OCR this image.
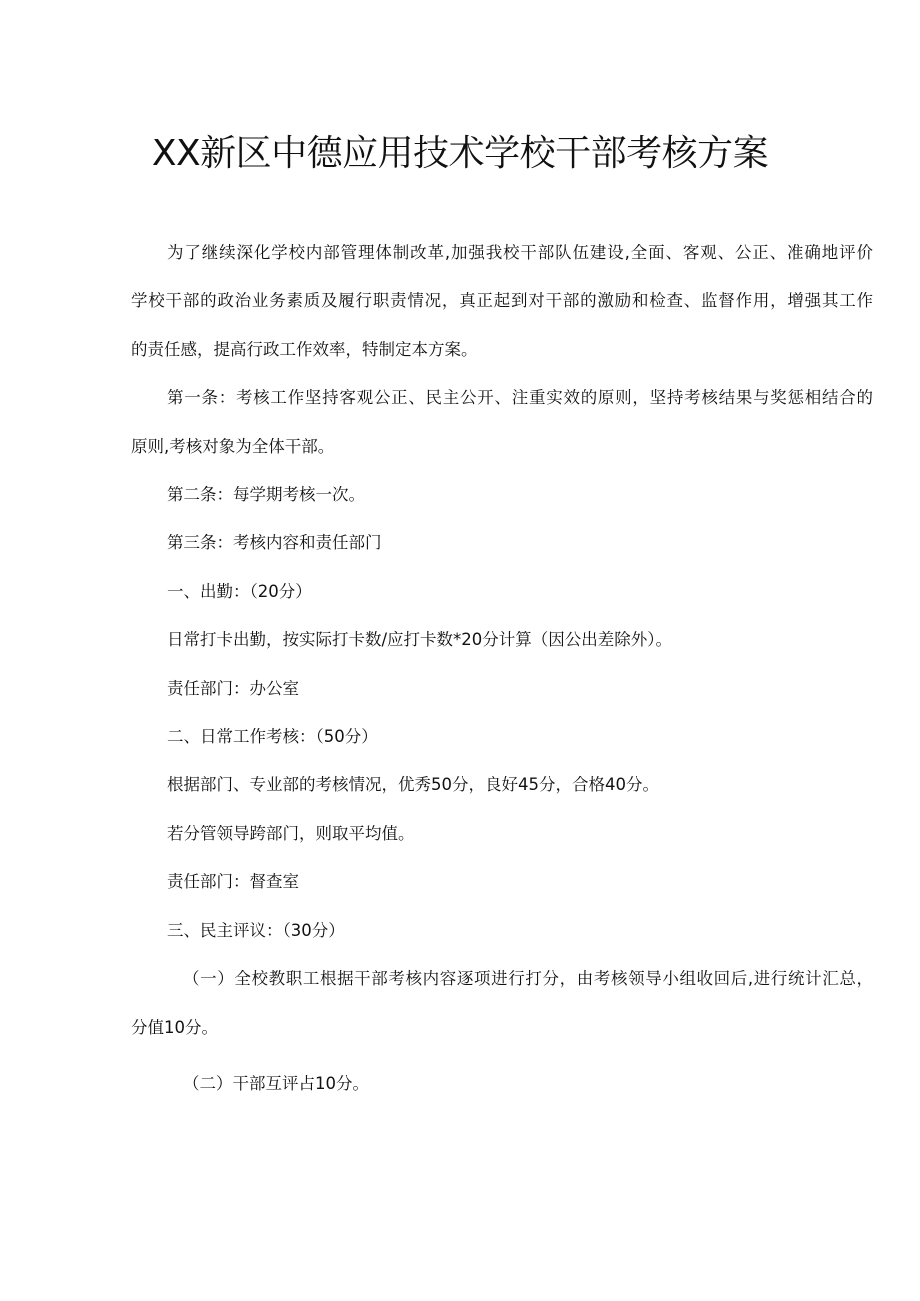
XX新区中德应用技术学校干部考核方案

为了继续深化学校内部管理体制改革,加强我校干部队伍建设,全面、客观、公正、准确地评价

学校干部的政治业务素质及履行职责情况，真正起到对干部的激励和检查、监督作用，增强其工作

的责任感，提高行政工作效率，特制定本方案。

第一条：考核工作坚持客观公正、民主公开、注重实效的原则，坚持考核结果与奖惩相结合的

原则,考核对象为全体干部。

第二条：每学期考核一次。

第三条：考核内容和责任部门

一、出勤：（20分）

日常打卡出勤，按实际打卡数/应打卡数*20分计算（因公出差除外）。

责任部门：办公室

二、日常工作考核：（50分）

根据部门、专业部的考核情况，优秀50分，良好45分，合格40分。

若分管领导跨部门，则取平均值。

责任部门：督查室

三、民主评议：（30分）

（一）全校教职工根据干部考核内容逐项进行打分，由考核领导小组收回后,进行统计汇总，

分值10分。

（二）干部互评占10分。
